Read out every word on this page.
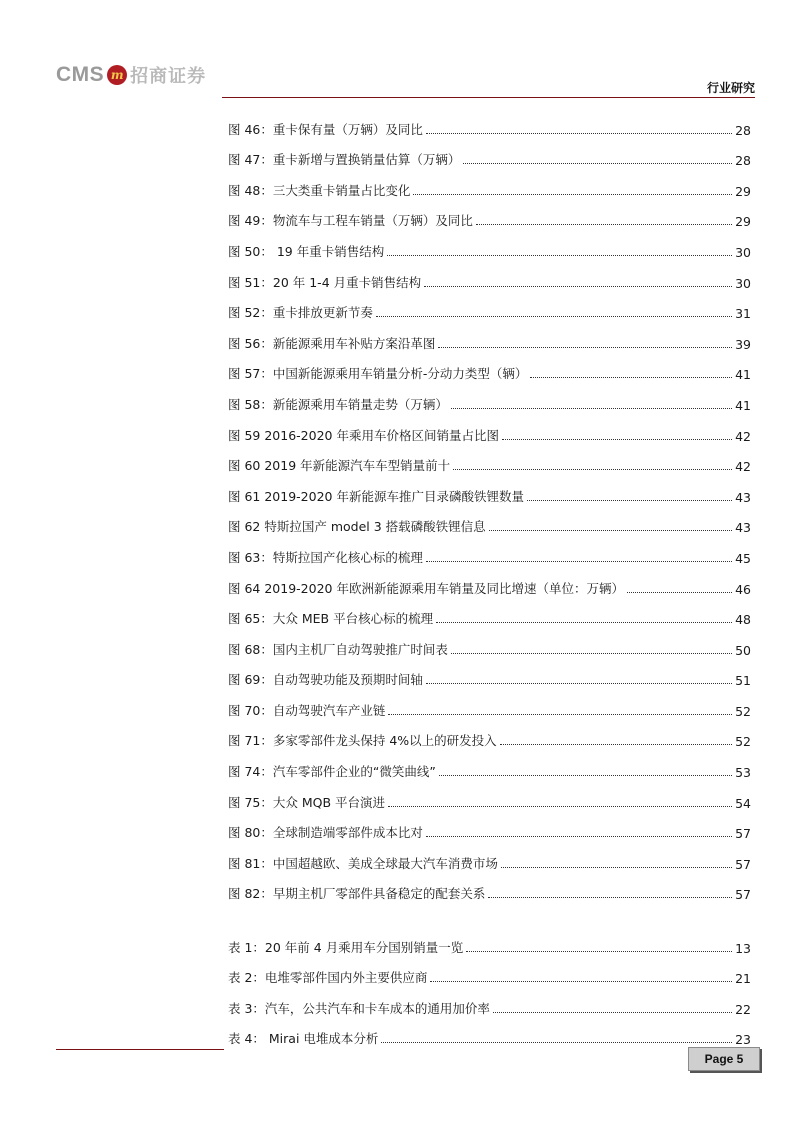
CMS m 招商证券
行业研究
图 46：重卡保有量（万辆）及同比	28
图 47：重卡新增与置换销量估算（万辆）	28
图 48：三大类重卡销量占比变化	29
图 49：物流车与工程车销量（万辆）及同比	29
图 50： 19 年重卡销售结构	30
图 51：20 年 1-4 月重卡销售结构	30
图 52：重卡排放更新节奏	31
图 56：新能源乘用车补贴方案沿革图	39
图 57：中国新能源乘用车销量分析-分动力类型（辆）	41
图 58：新能源乘用车销量走势（万辆）	41
图 59 2016-2020 年乘用车价格区间销量占比图	42
图 60 2019 年新能源汽车车型销量前十	42
图 61 2019-2020 年新能源车推广目录磷酸铁锂数量	43
图 62 特斯拉国产 model 3 搭载磷酸铁锂信息	43
图 63：特斯拉国产化核心标的梳理	45
图 64 2019-2020 年欧洲新能源乘用车销量及同比增速（单位：万辆）	46
图 65：大众 MEB 平台核心标的梳理	48
图 68：国内主机厂自动驾驶推广时间表	50
图 69：自动驾驶功能及预期时间轴	51
图 70：自动驾驶汽车产业链	52
图 71：多家零部件龙头保持 4%以上的研发投入	52
图 74：汽车零部件企业的“微笑曲线”	53
图 75：大众 MQB 平台演进	54
图 80：全球制造端零部件成本比对	57
图 81：中国超越欧、美成全球最大汽车消费市场	57
图 82：早期主机厂零部件具备稳定的配套关系	57
表 1：20 年前 4 月乘用车分国别销量一览	13
表 2：电堆零部件国内外主要供应商	21
表 3：汽车，公共汽车和卡车成本的通用加价率	22
表 4： Mirai 电堆成本分析	23
Page 5
